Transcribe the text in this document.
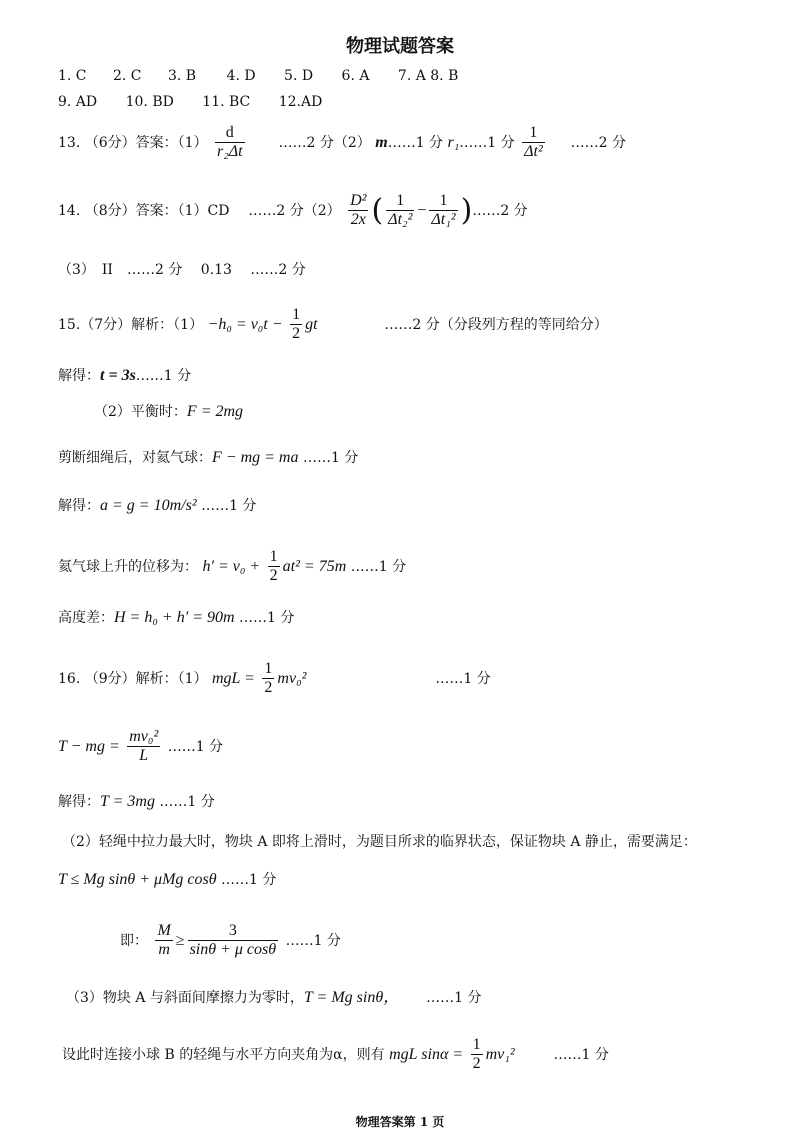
物理试题答案
1. C 2. C 3. B 4. D 5. D 6. A 7. A 8. B
9. AD 10. BD 11. BC 12.AD
13. （6分）答案：$(1) \frac{d}{\text{r₂Δt}}$ ……2 分（2） m……1 分 r₁……1 分 $\frac{1}{\text{Δt²}}$ ……2 分
14. （8分）答案：（1）CD ……2 分$(2) \frac{\text{D²}}{2x}$ ( $\frac{1}{\text{Δt₂²}} - \frac{1}{\text{Δt₁²}}$ )……2 分
（3）　II　……2 分　 0.13 　……2 分
15.（7分）解析：$(1) -h_0 = v_0t - \frac{1}{2}$ gt	……2 分（分段列方程的等同给分）
解得：t = 3s……1 分
（2）平衡时：F = 2mg
剪断细绳后，对氦气球：F − mg = ma ……1 分
解得：a = g = 10m/s² ……1 分
氦气球上升的位移为： $h' = v_0 + \frac{1}{2} at^2 = 75m$ ……1 分
高度差：H = h₀ + h′ = 90m ……1 分
16. （9分）解析：（1） mgL = $\frac{1}{2} mv_0^2$	……1 分
T − mg = $\frac{\text{mv₀²}}{L}$ ……1 分
解得：T = 3mg ……1 分
（2）轻绳中拉力最大时，物块 A 即将上滑时，为题目所求的临界状态，保证物块 A 静止，需要满足：
T ≤ Mg sinθ + μMg cosθ ……1 分
即： $\frac{M}{m} \ge \frac{3}{\text{sinθ + μ cosθ}}$ ……1 分
（3）物块 A 与斜面间摩擦力为零时，T = Mg sinθ， ……1 分
设此时连接小球 B 的轻绳与水平方向夹角为α，则有 mgL $\sin\alpha = \frac{1}{2} mv_1^2$	……1 分
物理答案第 1 页
